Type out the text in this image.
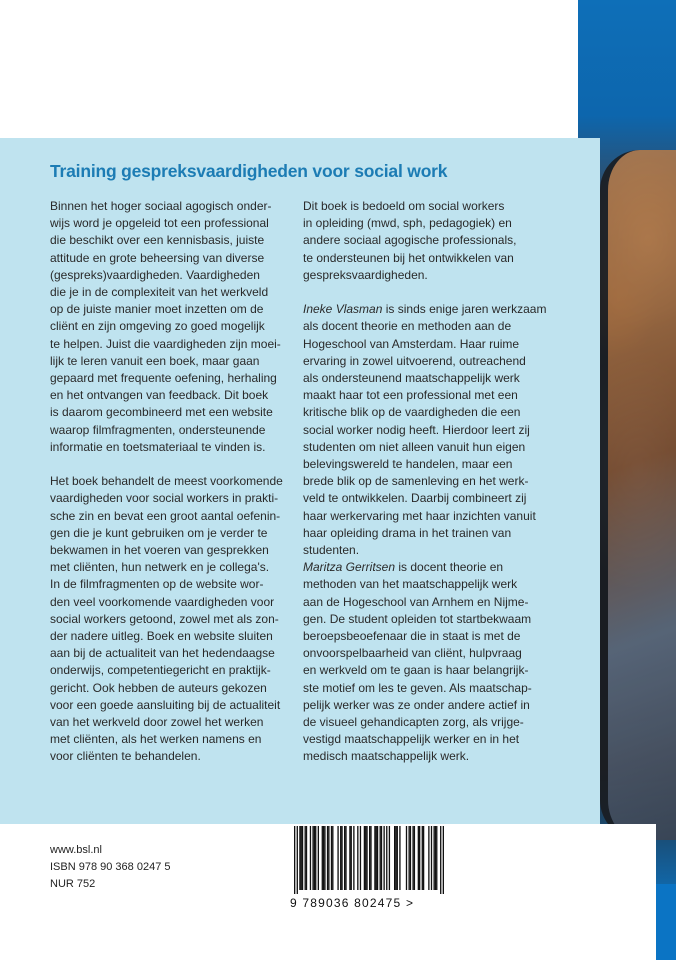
Training gespreksvaardigheden voor social work

Binnen het hoger sociaal agogisch onder-
wijs word je opgeleid tot een professional
die beschikt over een kennisbasis, juiste
attitude en grote beheersing van diverse
(gespreks)vaardigheden. Vaardigheden
die je in de complexiteit van het werkveld
op de juiste manier moet inzetten om de
cliënt en zijn omgeving zo goed mogelijk
te helpen. Juist die vaardigheden zijn moei-
lijk te leren vanuit een boek, maar gaan
gepaard met frequente oefening, herhaling
en het ontvangen van feedback. Dit boek
is daarom gecombineerd met een website
waarop filmfragmenten, ondersteunende
informatie en toetsmateriaal te vinden is.

Het boek behandelt de meest voorkomende
vaardigheden voor social workers in prakti-
sche zin en bevat een groot aantal oefenin-
gen die je kunt gebruiken om je verder te
bekwamen in het voeren van gesprekken
met cliënten, hun netwerk en je collega's.
In de filmfragmenten op de website wor-
den veel voorkomende vaardigheden voor
social workers getoond, zowel met als zon-
der nadere uitleg. Boek en website sluiten
aan bij de actualiteit van het hedendaagse
onderwijs, competentiegericht en praktijk-
gericht. Ook hebben de auteurs gekozen
voor een goede aansluiting bij de actualiteit
van het werkveld door zowel het werken
met cliënten, als het werken namens en
voor cliënten te behandelen.

Dit boek is bedoeld om social workers
in opleiding (mwd, sph, pedagogiek) en
andere sociaal agogische professionals,
te ondersteunen bij het ontwikkelen van
gespreksvaardigheden.

Ineke Vlasman is sinds enige jaren werkzaam
als docent theorie en methoden aan de
Hogeschool van Amsterdam. Haar ruime
ervaring in zowel uitvoerend, outreachend
als ondersteunend maatschappelijk werk
maakt haar tot een professional met een
kritische blik op de vaardigheden die een
social worker nodig heeft. Hierdoor leert zij
studenten om niet alleen vanuit hun eigen
belevingswereld te handelen, maar een
brede blik op de samenleving en het werk-
veld te ontwikkelen. Daarbij combineert zij
haar werkervaring met haar inzichten vanuit
haar opleiding drama in het trainen van
studenten.

Maritza Gerritsen is docent theorie en
methoden van het maatschappelijk werk
aan de Hogeschool van Arnhem en Nijme-
gen. De student opleiden tot startbekwaam
beroepsbeoefenaar die in staat is met de
onvoorspelbaarheid van cliënt, hulpvraag
en werkveld om te gaan is haar belangrijk-
ste motief om les te geven. Als maatschap-
pelijk werker was ze onder andere actief in
de visueel gehandicapten zorg, als vrijge-
vestigd maatschappelijk werker en in het
medisch maatschappelijk werk.

www.bsl.nl
ISBN 978 90 368 0247 5
NUR 752
9 789036 802475 >
